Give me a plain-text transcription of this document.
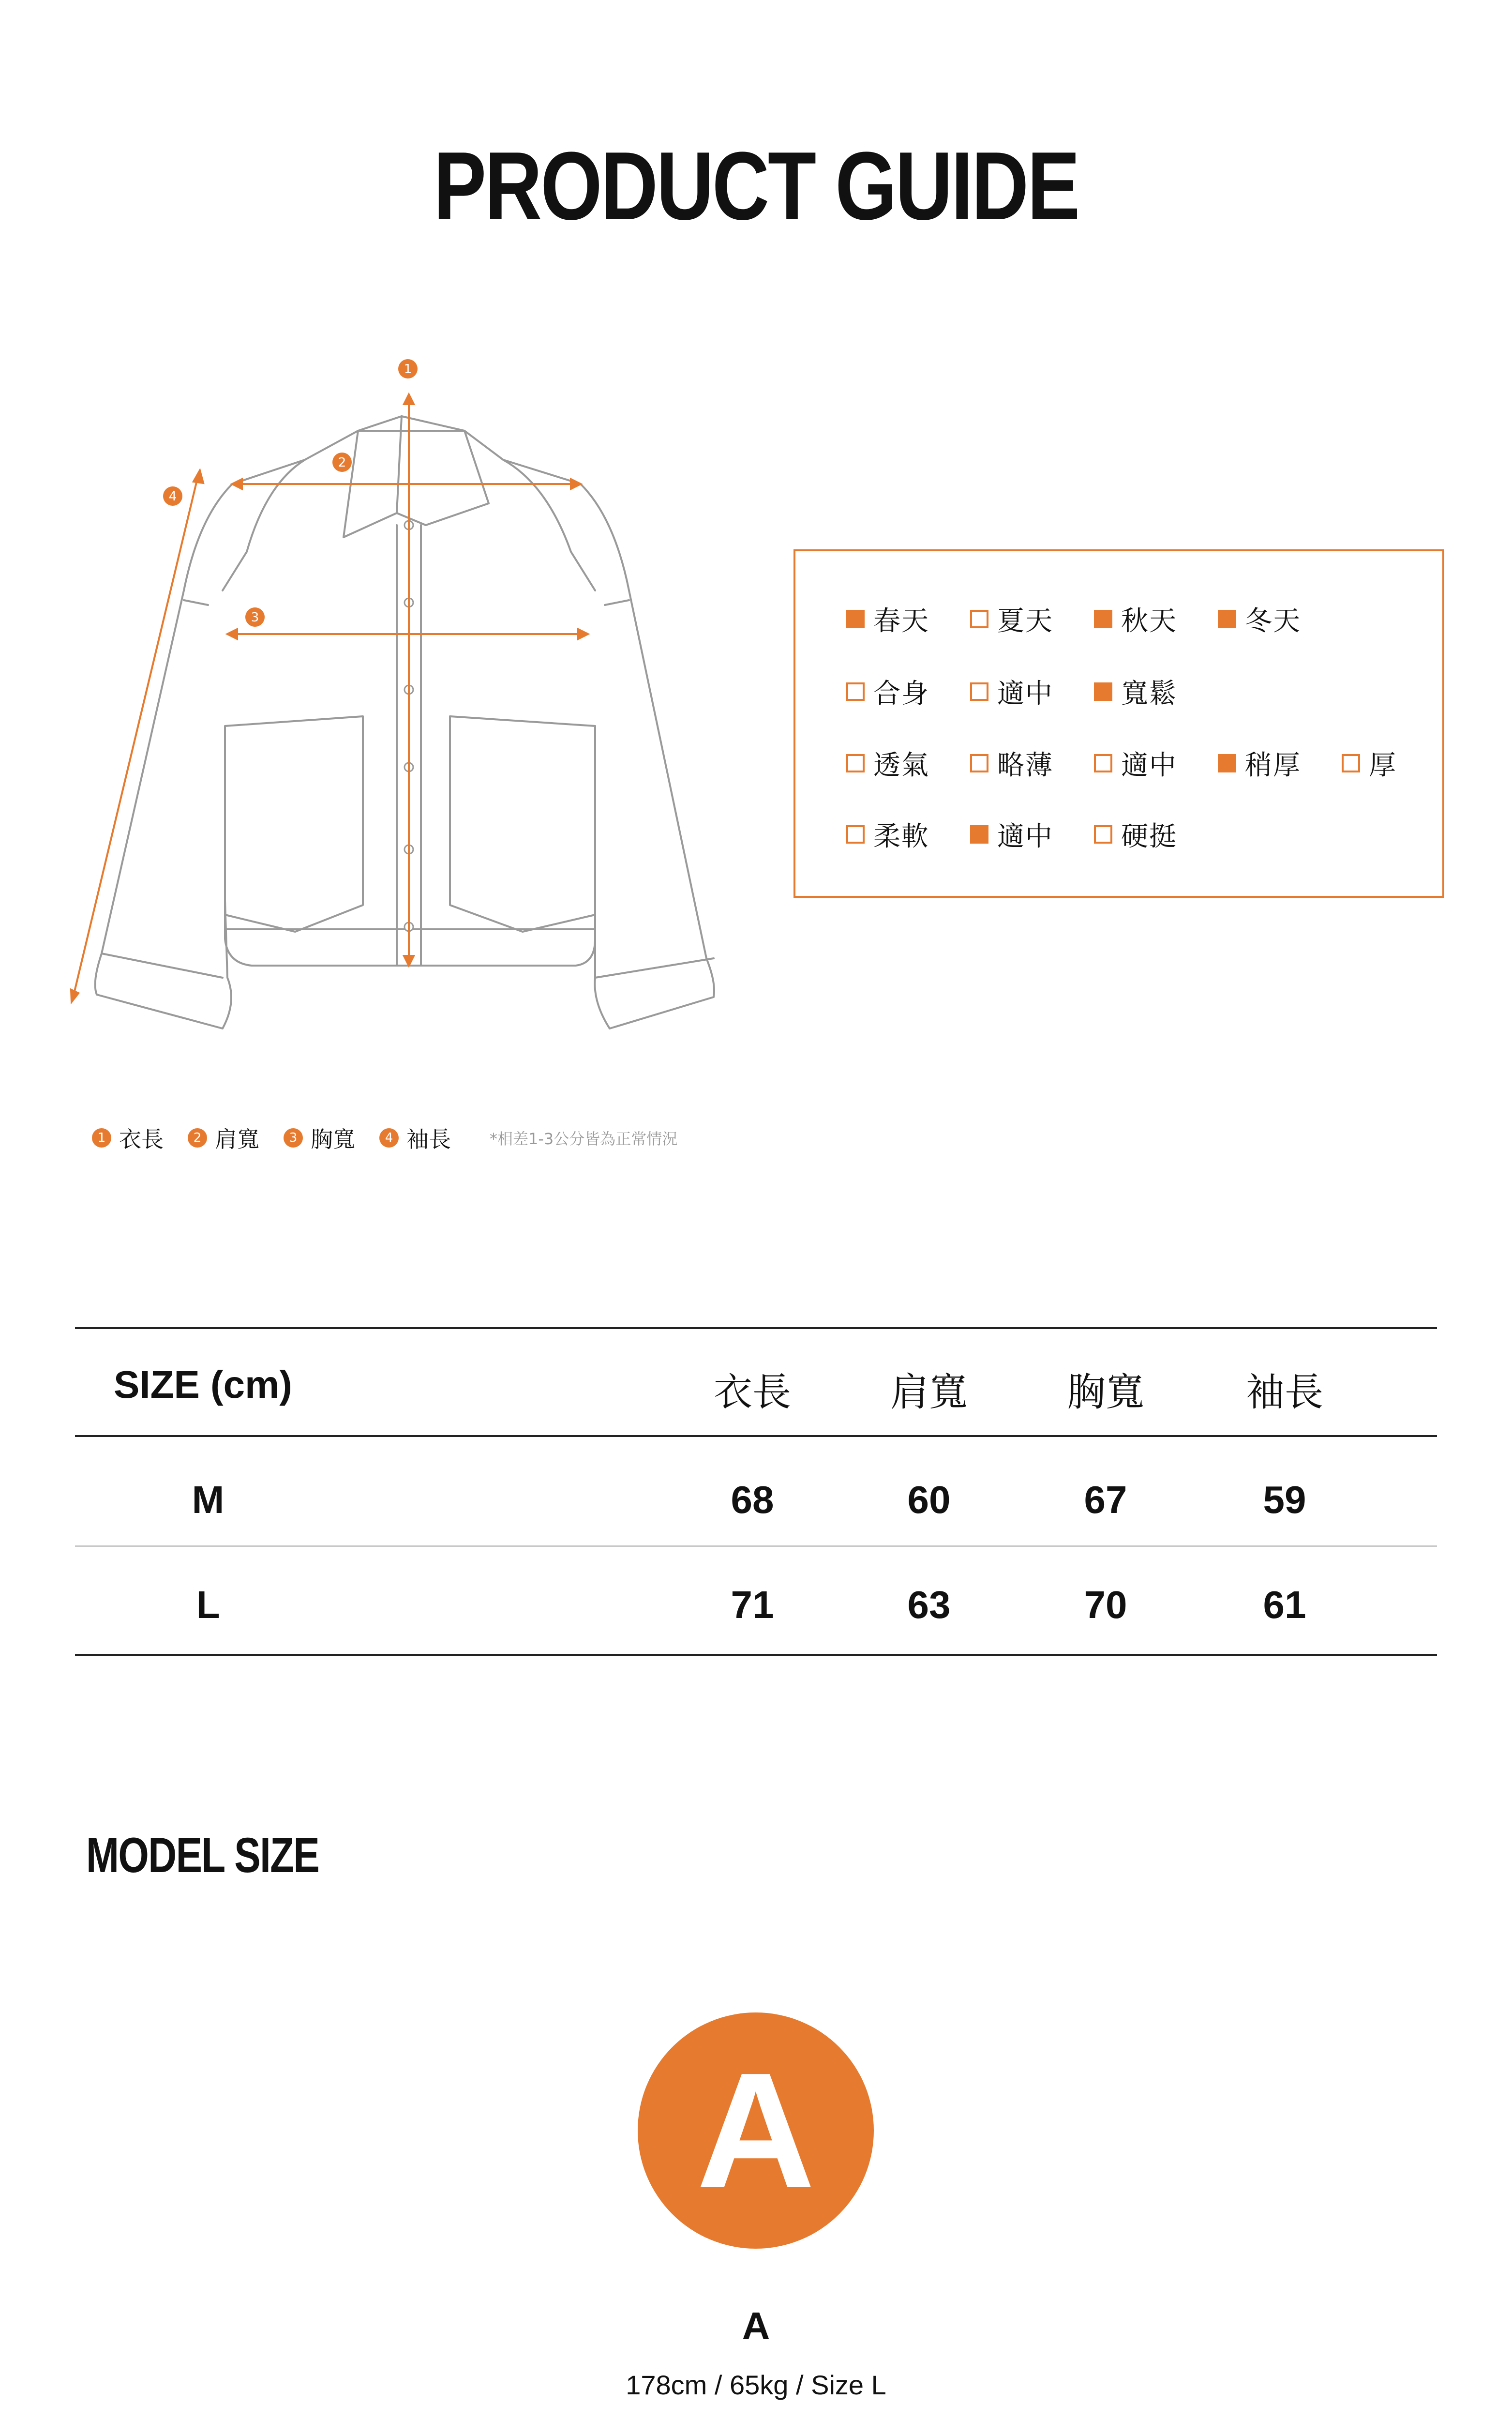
PRODUCT GUIDE
1
2
3
4
春天	夏天	秋天	冬天
合身	適中	寬鬆
透氣	略薄	適中	稍厚	厚
柔軟	適中	硬挺
1 衣長	2 肩寬	3 胸寬	4 袖長	*相差1-3公分皆為正常情況
SIZE (cm)	衣長	肩寬	胸寬	袖長
M	68	60	67	59
L	71	63	70	61
MODEL SIZE
A
A
178cm / 65kg / Size L
